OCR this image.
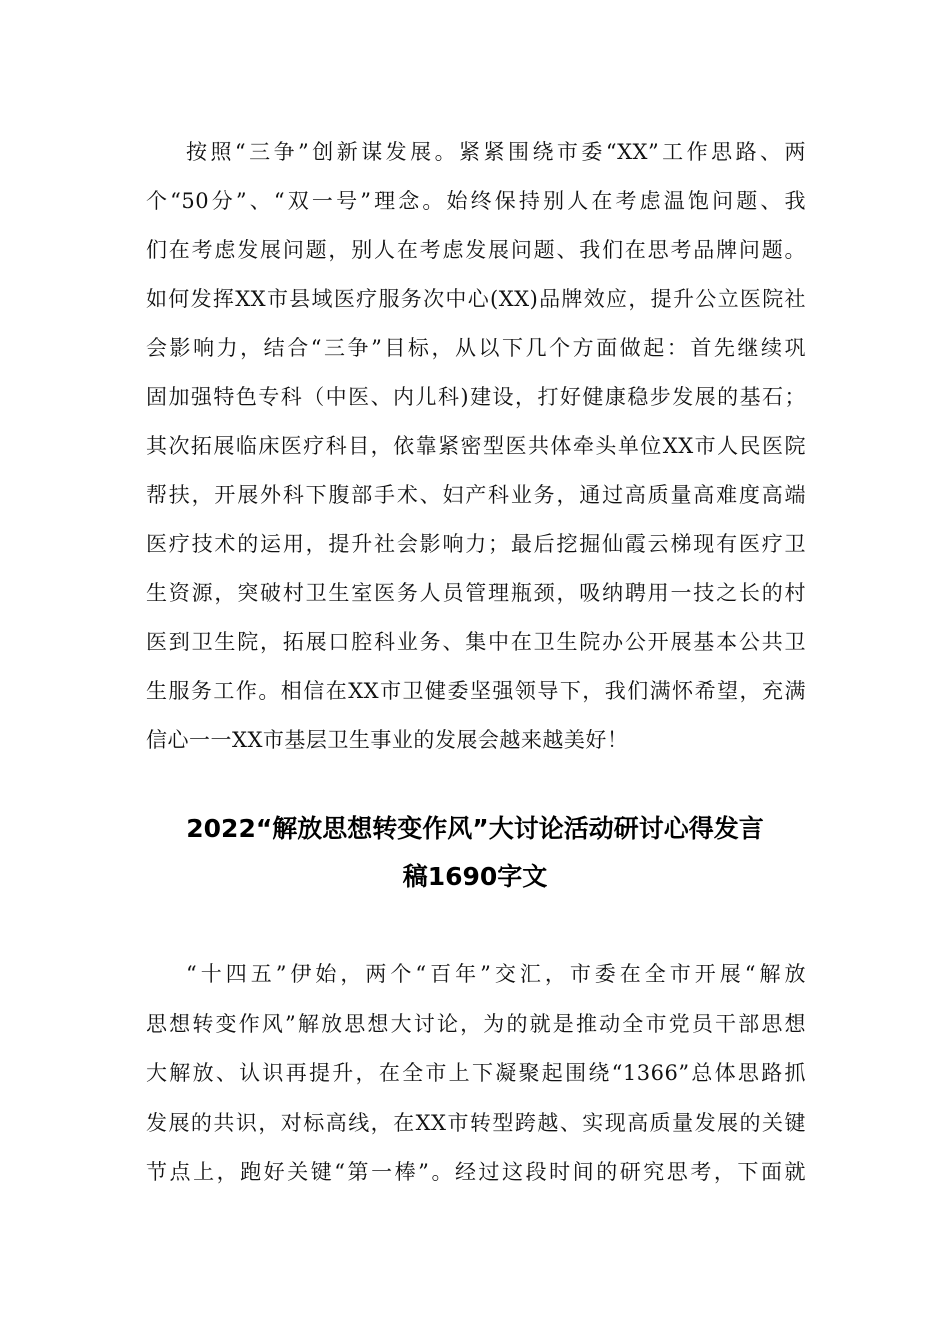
按照“三争”创新谋发展。紧紧围绕市委“XX”工作思路、两
个“50分”、“双一号”理念。始终保持别人在考虑温饱问题、我
们在考虑发展问题，别人在考虑发展问题、我们在思考品牌问题。
如何发挥XX市县域医疗服务次中心(XX)品牌效应，提升公立医院社
会影响力，结合“三争”目标，从以下几个方面做起：首先继续巩
固加强特色专科（中医、内儿科)建设，打好健康稳步发展的基石；
其次拓展临床医疗科目，依靠紧密型医共体牵头单位XX市人民医院
帮扶，开展外科下腹部手术、妇产科业务，通过高质量高难度高端
医疗技术的运用，提升社会影响力；最后挖掘仙霞云梯现有医疗卫
生资源，突破村卫生室医务人员管理瓶颈，吸纳聘用一技之长的村
医到卫生院，拓展口腔科业务、集中在卫生院办公开展基本公共卫
生服务工作。相信在XX市卫健委坚强领导下，我们满怀希望，充满
信心一一XX市基层卫生事业的发展会越来越美好！
2022“解放思想转变作风”大讨论活动研讨心得发言
稿1690字文
“十四五”伊始，两个“百年”交汇，市委在全市开展“解放
思想转变作风”解放思想大讨论，为的就是推动全市党员干部思想
大解放、认识再提升，在全市上下凝聚起围绕“1366”总体思路抓
发展的共识，对标高线，在XX市转型跨越、实现高质量发展的关键
节点上，跑好关键“第一棒”。经过这段时间的研究思考，下面就
